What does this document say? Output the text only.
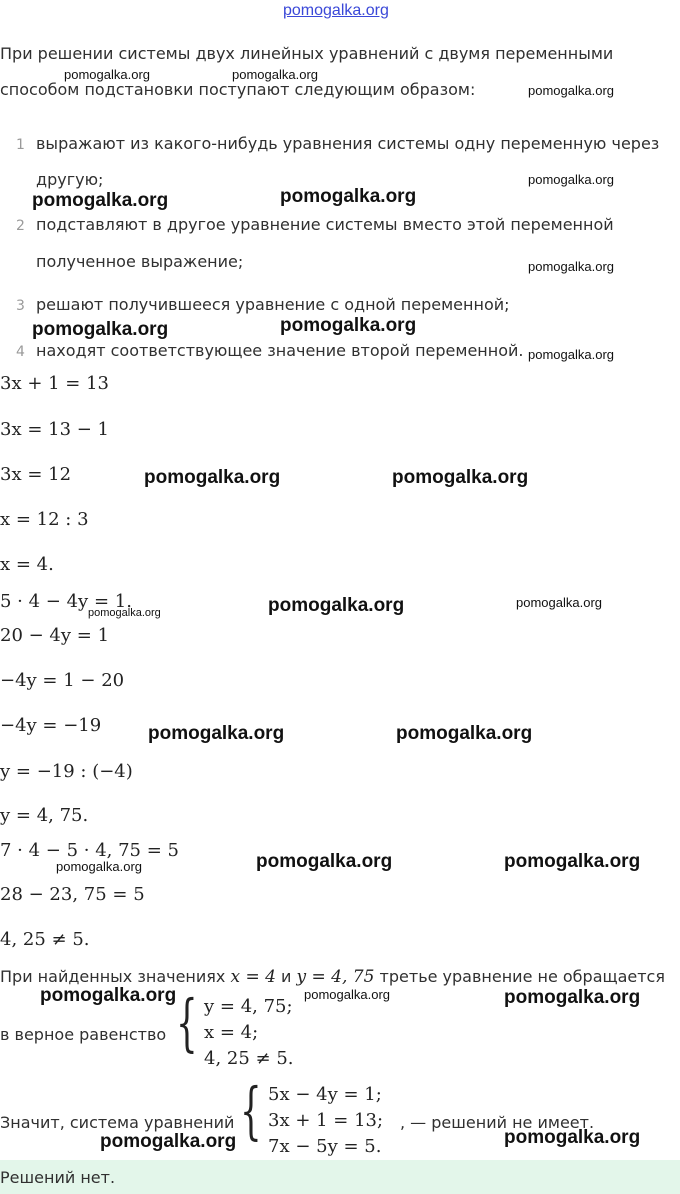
pomogalka.org
При решении системы двух линейных уравнений с двумя переменными
способом подстановки поступают следующим образом:
1 выражают из какого-нибудь уравнения системы одну переменную через
другую;
2 подставляют в другое уравнение системы вместо этой переменной
полученное выражение;
3 решают получившееся уравнение с одной переменной;
4 находят соответствующее значение второй переменной.
3x + 1 = 13
3x = 13 − 1
3x = 12
x = 12 : 3
x = 4.
5 · 4 − 4y = 1.
20 − 4y = 1
−4y = 1 − 20
−4y = −19
y = −19 : (−4)
y = 4, 75.
7 · 4 − 5 · 4, 75 = 5
28 − 23, 75 = 5
4, 25 ≠ 5.
При найденных значениях x = 4 и y = 4, 75 третье уравнение не обращается
в верное равенство { y = 4, 75;
x = 4;
4, 25 ≠ 5.
Значит, система уравнений { 5x − 4y = 1;
3x + 1 = 13;
7x − 5y = 5.
, — решений не имеет.
Решений нет.
pomogalka.org	pomogalka.org
pomogalka.org
pomogalka.org
pomogalka.org	pomogalka.org
pomogalka.org
pomogalka.org	pomogalka.org
pomogalka.org
pomogalka.org	pomogalka.org
pomogalka.org	pomogalka.org
pomogalka.org
pomogalka.org	pomogalka.org
pomogalka.org	pomogalka.org
pomogalka.org
pomogalka.org	pomogalka.org	pomogalka.org
pomogalka.org	pomogalka.org
